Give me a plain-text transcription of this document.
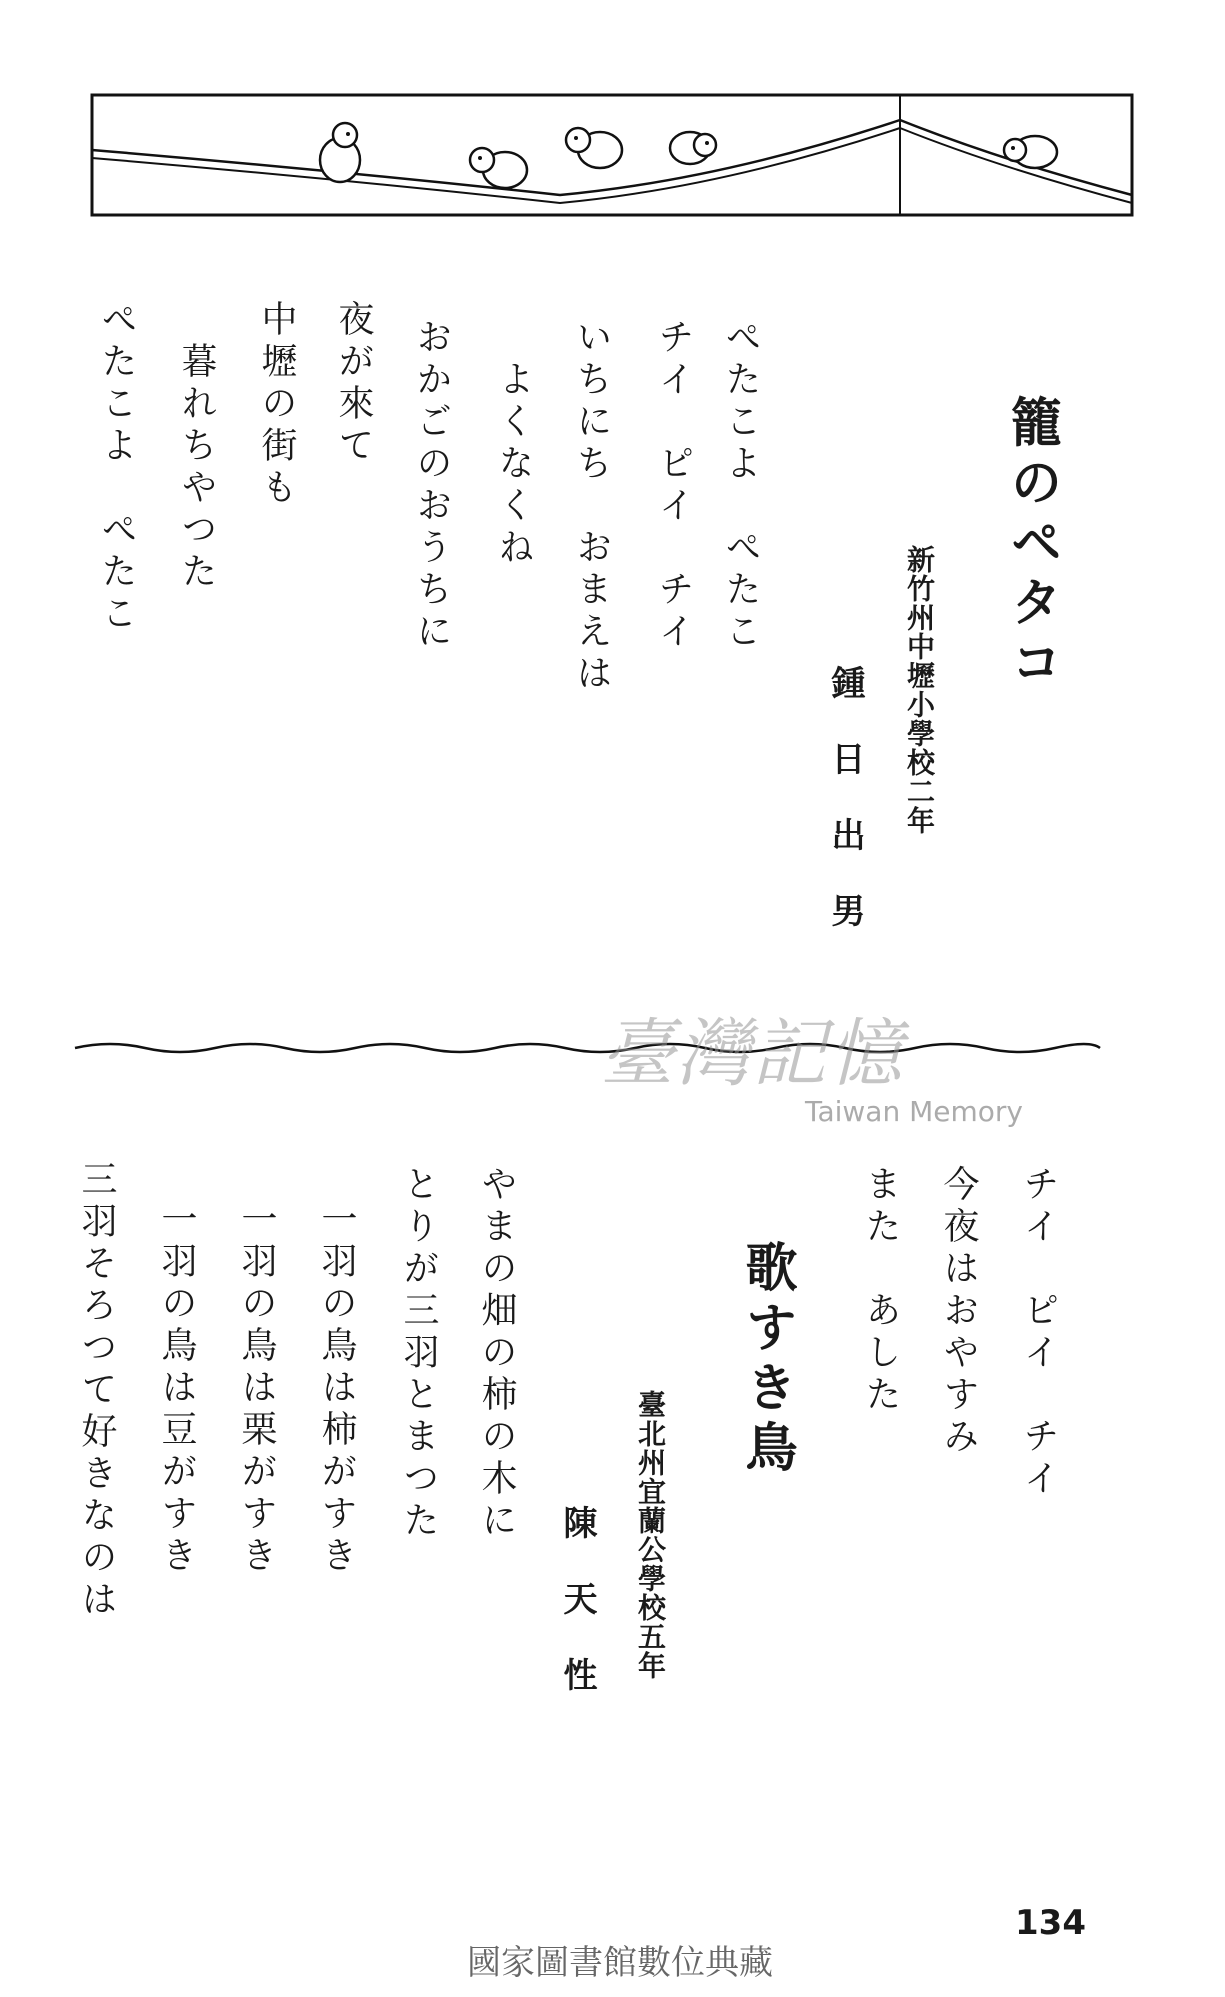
籠のペタコ
新竹州中壢小學校二年
鍾日出男
ぺたこよ　ぺたこ
チイ　ピイ　チイ
いちにち　おまえは
　よくなくね
おかごのおうちに
夜が來て
中壢の街も
　暮れちやつた
ぺたこよ　ぺたこ
チイ　ピイ　チイ
今夜はおやすみ
また　あした
歌すき鳥
臺北州宜蘭公學校五年
陳天性
やまの畑の柿の木に
とりが三羽とまつた
一羽の鳥は柿がすき
一羽の鳥は栗がすき
一羽の鳥は豆がすき
三羽そろつて好きなのは
臺灣記憶
Taiwan Memory
134
國家圖書館數位典藏
